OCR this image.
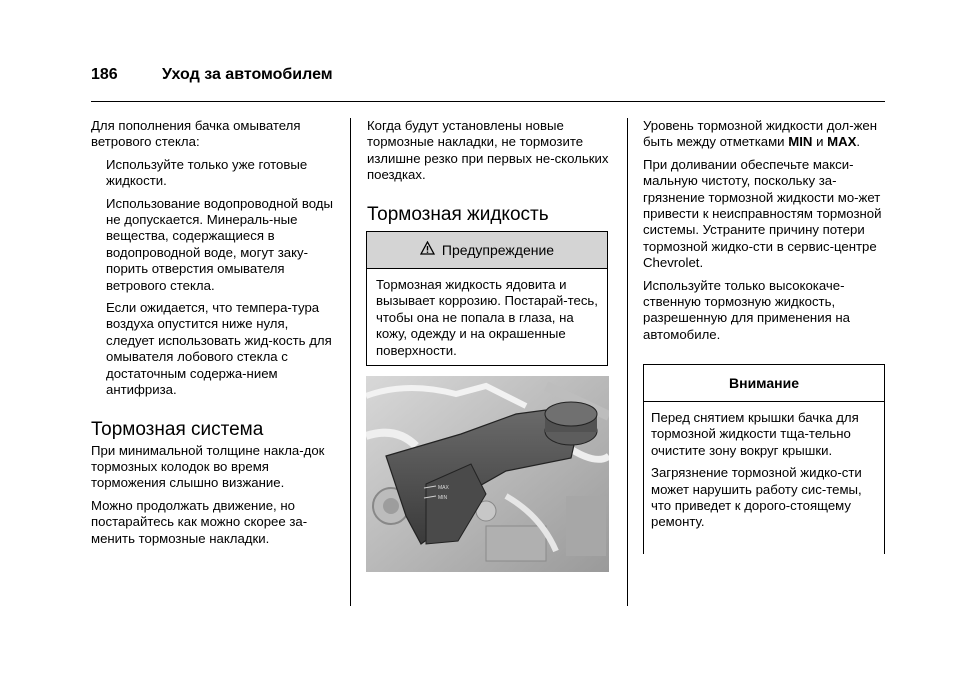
186	Уход за автомобилем

Для пополнения бачка омывателя ветрового стекла:

Используйте только уже готовые жидкости.

Использование водопроводной воды не допускается. Минераль-ные вещества, содержащиеся в водопроводной воде, могут заку-порить отверстия омывателя ветрового стекла.

Если ожидается, что темпера-тура воздуха опустится ниже нуля, следует использовать жид-кость для омывателя лобового стекла с достаточным содержа-нием антифриза.

Тормозная система

При минимальной толщине накла-док тормозных колодок во время торможения слышно визжание.

Можно продолжать движение, но постарайтесь как можно скорее за-менить тормозные накладки.

Когда будут установлены новые тормозные накладки, не тормозите излишне резко при первых не-скольких поездках.

Тормозная жидкость
Предупреждение
Тормозная жидкость ядовита и вызывает коррозию. Постарай-тесь, чтобы она не попала в глаза, на кожу, одежду и на окрашенные поверхности.
MAX
MIN

Уровень тормозной жидкости дол-жен быть между отметками MIN и MAX.

При доливании обеспечьте макси-мальную чистоту, поскольку за-грязнение тормозной жидкости мо-жет привести к неисправностям тормозной системы. Устраните причину потери тормозной жидко-сти в сервис-центре Chevrolet.

Используйте только высококаче-ственную тормозную жидкость, разрешенную для применения на автомобиле.

Внимание

Перед снятием крышки бачка для тормозной жидкости тща-тельно очистите зону вокруг крышки.

Загрязнение тормозной жидко-сти может нарушить работу сис-темы, что приведет к дорого-стоящему ремонту.
